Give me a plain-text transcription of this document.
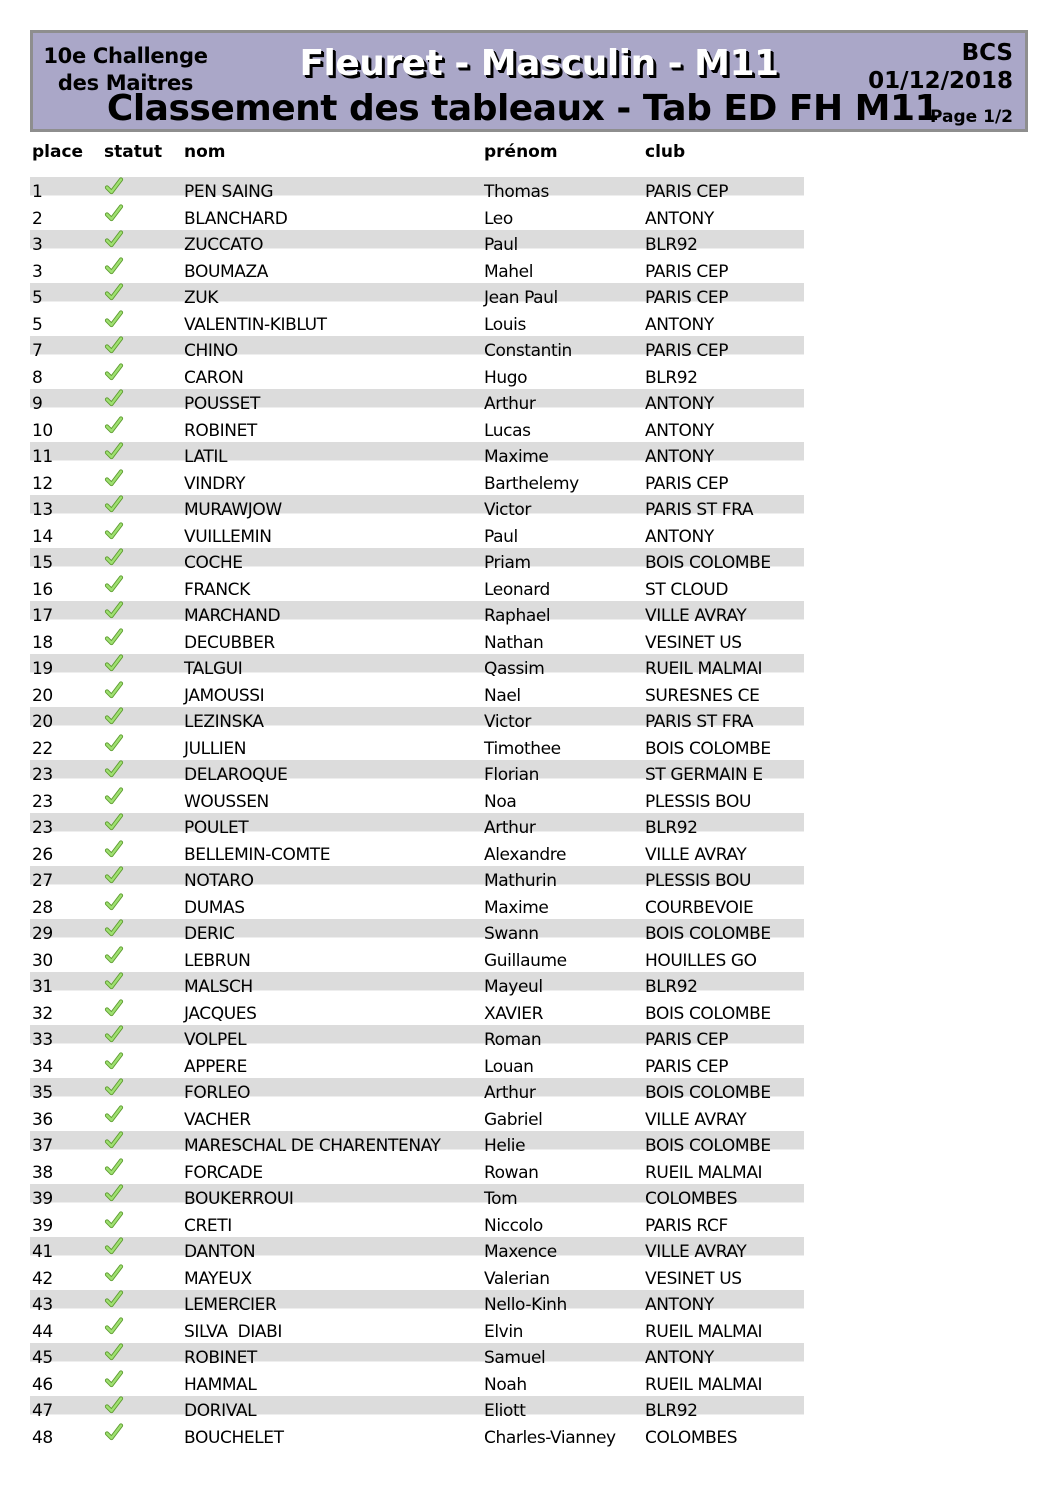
10e Challenge
des Maitres	Fleuret - Masculin - M11
Classement des tableaux - Tab ED FH M11
BCS
01/12/2018
Page 1/2
place statut nom	prénom	club
1	PEN SAING	Thomas	PARIS CEP
2	BLANCHARD	Leo	ANTONY
3	ZUCCATO	Paul	BLR92
3	BOUMAZA	Mahel	PARIS CEP
5	ZUK	Jean Paul	PARIS CEP
5	VALENTIN-KIBLUT	Louis	ANTONY
7	CHINO	Constantin	PARIS CEP
8	CARON	Hugo	BLR92
9	POUSSET	Arthur	ANTONY
10	ROBINET	Lucas	ANTONY
11	LATIL	Maxime	ANTONY
12	VINDRY	Barthelemy	PARIS CEP
13	MURAWJOW	Victor	PARIS ST FRA
14	VUILLEMIN	Paul	ANTONY
15	COCHE	Priam	BOIS COLOMBE
16	FRANCK	Leonard	ST CLOUD
17	MARCHAND	Raphael	VILLE AVRAY
18	DECUBBER	Nathan	VESINET US
19	TALGUI	Qassim	RUEIL MALMAI
20	JAMOUSSI	Nael	SURESNES CE
20	LEZINSKA	Victor	PARIS ST FRA
22	JULLIEN	Timothee	BOIS COLOMBE
23	DELAROQUE	Florian	ST GERMAIN E
23	WOUSSEN	Noa	PLESSIS BOU
23	POULET	Arthur	BLR92
26	BELLEMIN-COMTE	Alexandre	VILLE AVRAY
27	NOTARO	Mathurin	PLESSIS BOU
28	DUMAS	Maxime	COURBEVOIE
29	DERIC	Swann	BOIS COLOMBE
30	LEBRUN	Guillaume	HOUILLES GO
31	MALSCH	Mayeul	BLR92
32	JACQUES	XAVIER	BOIS COLOMBE
33	VOLPEL	Roman	PARIS CEP
34	APPERE	Louan	PARIS CEP
35	FORLEO	Arthur	BOIS COLOMBE
36	VACHER	Gabriel	VILLE AVRAY
37	MARESCHAL DE CHARENTENAY	Helie	BOIS COLOMBE
38	FORCADE	Rowan	RUEIL MALMAI
39	BOUKERROUI	Tom	COLOMBES
39	CRETI	Niccolo	PARIS RCF
41	DANTON	Maxence	VILLE AVRAY
42	MAYEUX	Valerian	VESINET US
43	LEMERCIER	Nello-Kinh	ANTONY
44	SILVA  DIABI	Elvin	RUEIL MALMAI
45	ROBINET	Samuel	ANTONY
46	HAMMAL	Noah	RUEIL MALMAI
47	DORIVAL	Eliott	BLR92
48	BOUCHELET	Charles-Vianney COLOMBES
